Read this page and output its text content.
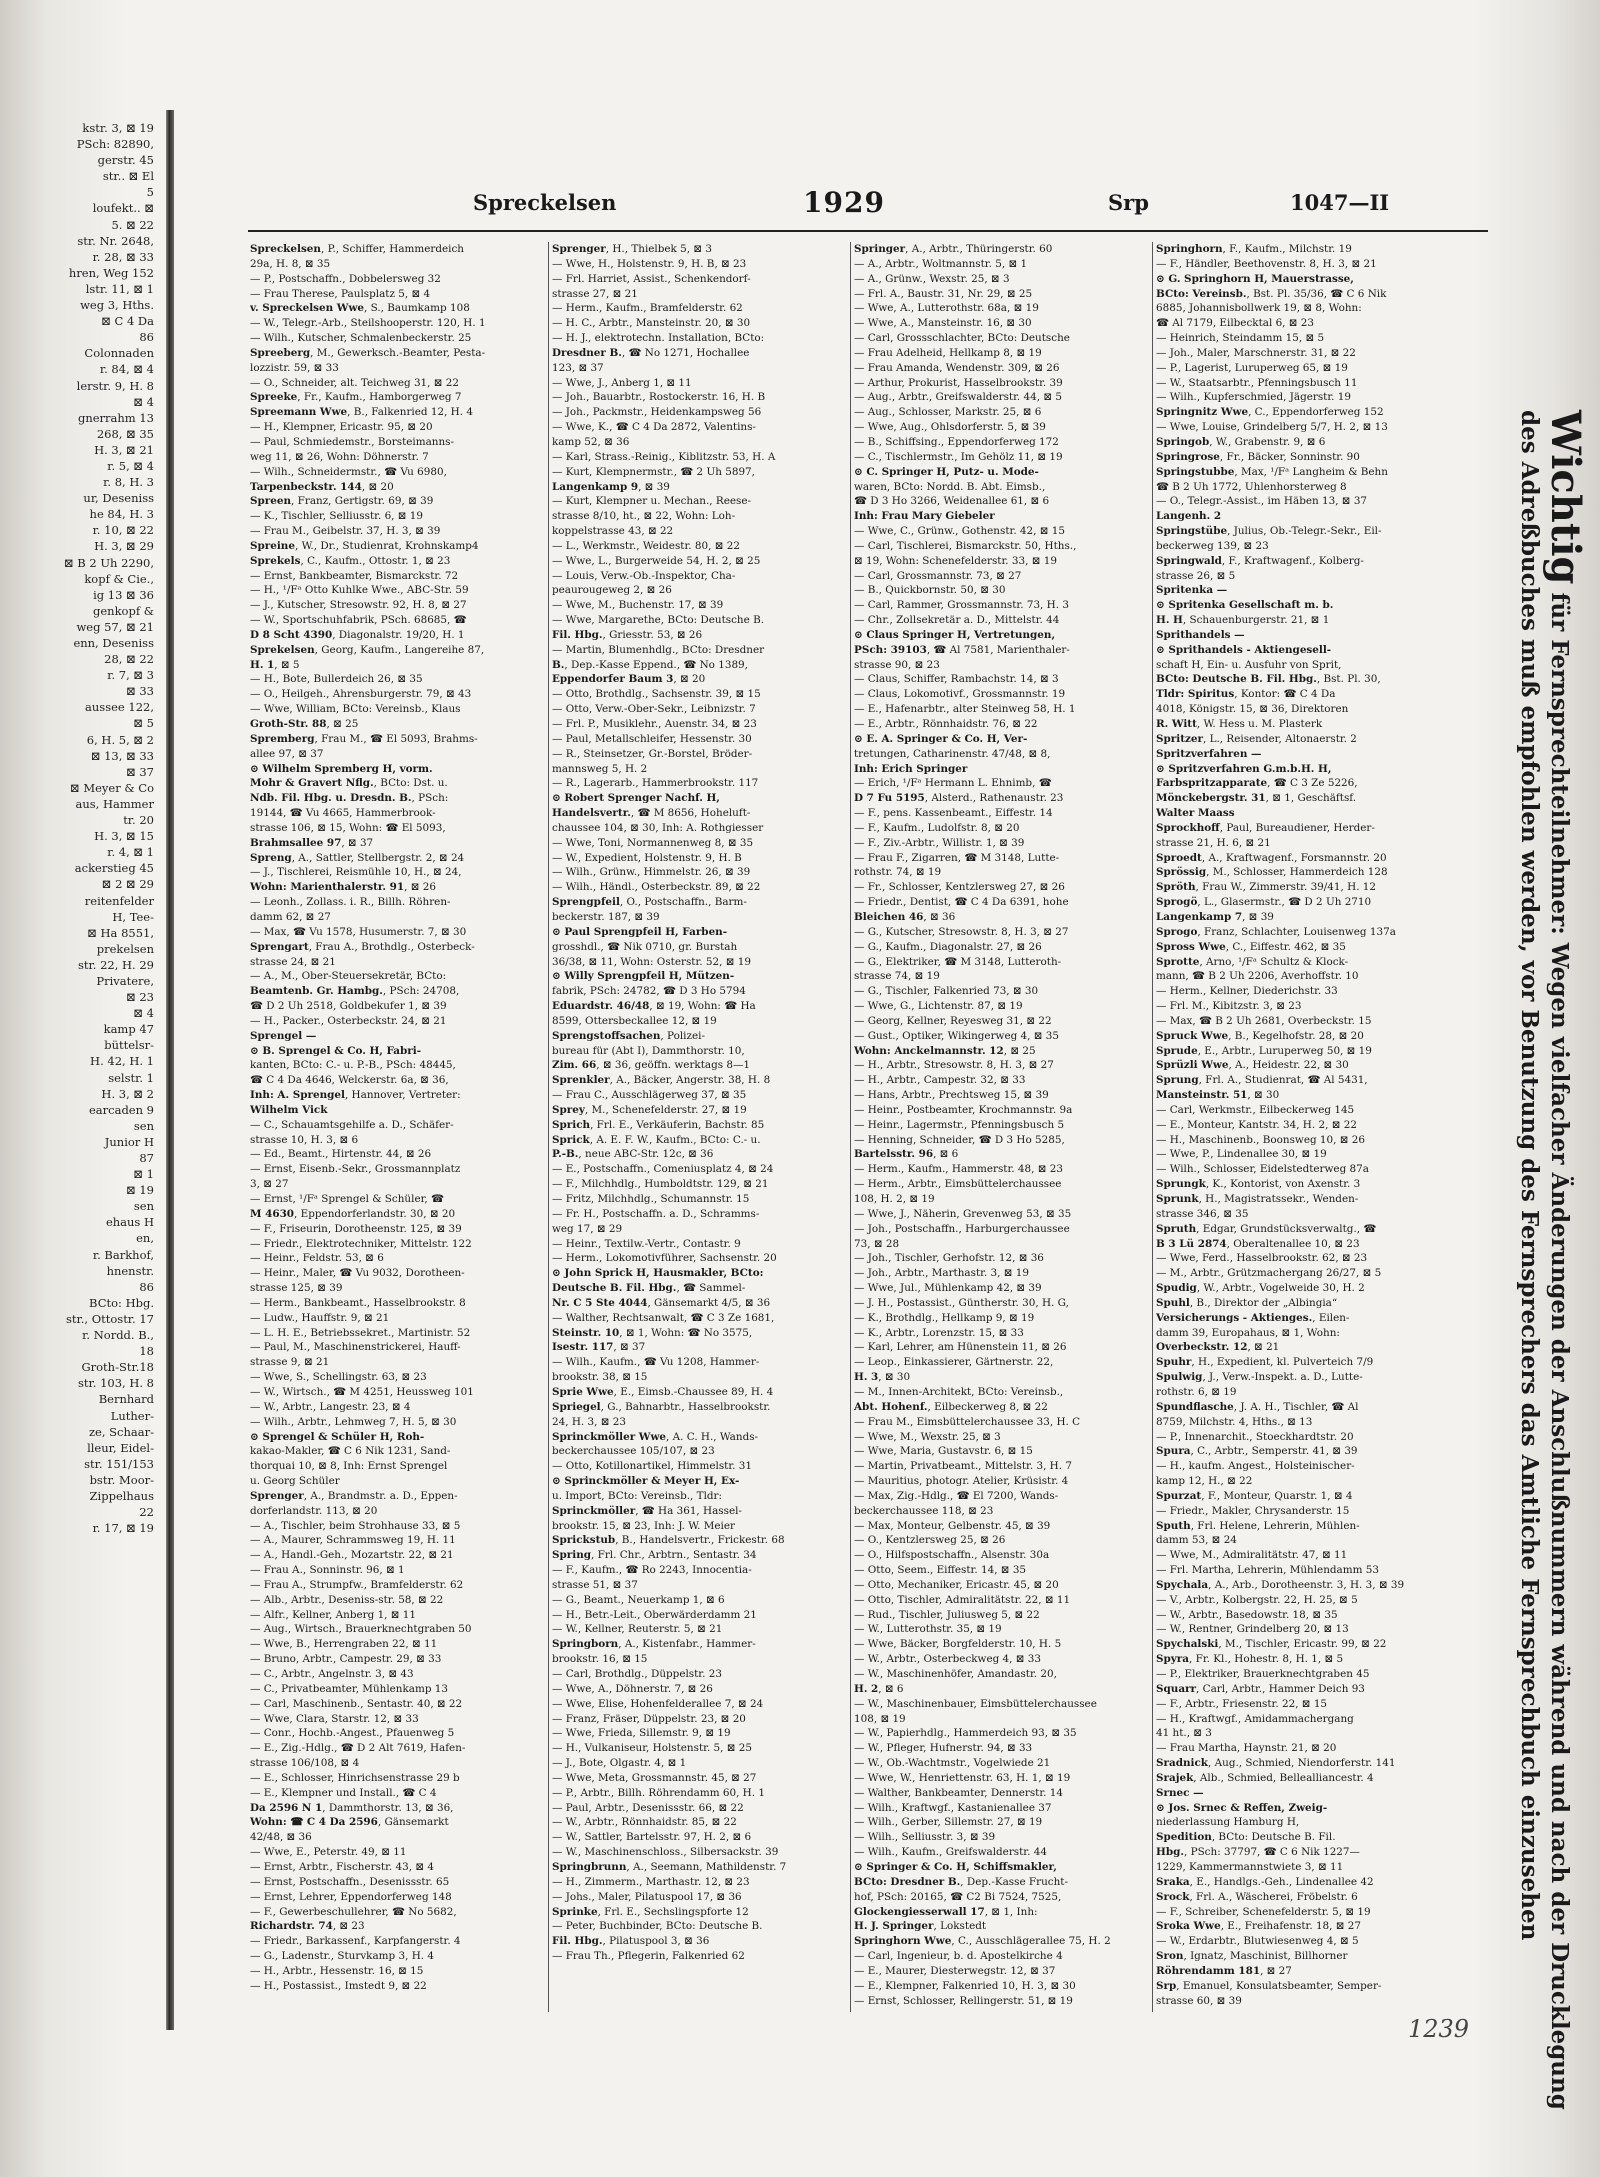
kstr. 3, ⊠ 19
PSch: 82890,
gerstr. 45
str.. ⊠ El
5
loufekt.. ⊠
5. ⊠ 22
str. Nr. 2648,
r. 28, ⊠ 33
hren, Weg 152
lstr. 11, ⊠ 1
weg 3, Hths.
⊠ C 4 Da
86
Colonnaden
r. 84, ⊠ 4
lerstr. 9, H. 8
⊠ 4
gnerrahm 13
268, ⊠ 35
H. 3, ⊠ 21
r. 5, ⊠ 4
r. 8, H. 3
ur, Deseniss
he 84, H. 3
r. 10, ⊠ 22
H. 3, ⊠ 29
⊠ B 2 Uh 2290,
kopf & Cie.,
ig 13 ⊠ 36
genkopf &
weg 57, ⊠ 21
enn, Deseniss
28, ⊠ 22
r. 7, ⊠ 3
⊠ 33
aussee 122,
⊠ 5
6, H. 5, ⊠ 2
⊠ 13, ⊠ 33
⊠ 37
⊠ Meyer & Co
aus, Hammer
tr. 20
H. 3, ⊠ 15
r. 4, ⊠ 1
ackerstieg 45
⊠ 2 ⊠ 29
reitenfelder
H, Tee-
⊠ Ha 8551,
prekelsen
str. 22, H. 29
Privatere,
⊠ 23
⊠ 4
kamp 47
büttelsr-
H. 42, H. 1
selstr. 1
H. 3, ⊠ 2
earcaden 9
sen
Junior H
87
⊠ 1
⊠ 19
sen
ehaus H
en,
r. Barkhof,
hnenstr.
86
BCto: Hbg.
str., Ottostr. 17
r. Nordd. B.,
18
Groth-Str.18
str. 103, H. 8
Bernhard
Luther-
ze, Schaar-
lleur, Eidel-
str. 151/153
bstr. Moor-
Zippelhaus
22
r. 17, ⊠ 19
Spreckelsen	1929	Srp	1047—II
Spreckelsen, P., Schiffer, Hammerdeich
29a, H. 8, ⊠ 35
— P., Postschaffn., Dobbelersweg 32
— Frau Therese, Paulsplatz 5, ⊠ 4
v. Spreckelsen Wwe, S., Baumkamp 108
— W., Telegr.-Arb., Steilshooperstr. 120, H. 1
— Wilh., Kutscher, Schmalenbeckerstr. 25
Spreeberg, M., Gewerksch.-Beamter, Pesta-
lozzistr. 59, ⊠ 33
— O., Schneider, alt. Teichweg 31, ⊠ 22
Spreeke, Fr., Kaufm., Hamborgerweg 7
Spreemann Wwe, B., Falkenried 12, H. 4
— H., Klempner, Ericastr. 95, ⊠ 20
— Paul, Schmiedemstr., Borsteimanns-
weg 11, ⊠ 26, Wohn: Döhnerstr. 7
— Wilh., Schneidermstr., ☎ Vu 6980,
Tarpenbeckstr. 144, ⊠ 20
Spreen, Franz, Gertigstr. 69, ⊠ 39
— K., Tischler, Selliusstr. 6, ⊠ 19
— Frau M., Geibelstr. 37, H. 3, ⊠ 39
Spreine, W., Dr., Studienrat, Krohnskamp4
Sprekels, C., Kaufm., Ottostr. 1, ⊠ 23
— Ernst, Bankbeamter, Bismarckstr. 72
— H., ¹/Fᵃ Otto Kuhlke Wwe., ABC-Str. 59
— J., Kutscher, Stresowstr. 92, H. 8, ⊠ 27
— W., Sportschuhfabrik, PSch. 68685, ☎
D 8 Scht 4390, Diagonalstr. 19/20, H. 1
Sprekelsen, Georg, Kaufm., Langereihe 87,
H. 1, ⊠ 5
— H., Bote, Bullerdeich 26, ⊠ 35
— O., Heilgeh., Ahrensburgerstr. 79, ⊠ 43
— Wwe, William, BCto: Vereinsb., Klaus
Groth-Str. 88, ⊠ 25
Spremberg, Frau M., ☎ El 5093, Brahms-
allee 97, ⊠ 37
⊙ Wilhelm Spremberg H, vorm.
Mohr & Gravert Nflg., BCto: Dst. u.
Ndb. Fil. Hbg. u. Dresdn. B., PSch:
19144, ☎ Vu 4665, Hammerbrook-
strasse 106, ⊠ 15, Wohn: ☎ El 5093,
Brahmsallee 97, ⊠ 37
Spreng, A., Sattler, Stellbergstr. 2, ⊠ 24
— J., Tischlerei, Reismühle 10, H., ⊠ 24,
Wohn: Marienthalerstr. 91, ⊠ 26
— Leonh., Zollass. i. R., Billh. Röhren-
damm 62, ⊠ 27
— Max, ☎ Vu 1578, Husumerstr. 7, ⊠ 30
Sprengart, Frau A., Brothdlg., Osterbeck-
strasse 24, ⊠ 21
— A., M., Ober-Steuersekretär, BCto:
Beamtenb. Gr. Hambg., PSch: 24708,
☎ D 2 Uh 2518, Goldbekufer 1, ⊠ 39
— H., Packer., Osterbeckstr. 24, ⊠ 21
Sprengel —
⊙ B. Sprengel & Co. H, Fabri-
kanten, BCto: C.- u. P.-B., PSch: 48445,
☎ C 4 Da 4646, Welckerstr. 6a, ⊠ 36,
Inh: A. Sprengel, Hannover, Vertreter:
Wilhelm Vick
— C., Schauamtsgehilfe a. D., Schäfer-
strasse 10, H. 3, ⊠ 6
— Ed., Beamt., Hirtenstr. 44, ⊠ 26
— Ernst, Eisenb.-Sekr., Grossmannplatz
3, ⊠ 27
— Ernst, ¹/Fᵃ Sprengel & Schüler, ☎
M 4630, Eppendorferlandstr. 30, ⊠ 20
— F., Friseurin, Dorotheenstr. 125, ⊠ 39
— Friedr., Elektrotechniker, Mittelstr. 122
— Heinr., Feldstr. 53, ⊠ 6
— Heinr., Maler, ☎ Vu 9032, Dorotheen-
strasse 125, ⊠ 39
— Herm., Bankbeamt., Hasselbrookstr. 8
— Ludw., Hauffstr. 9, ⊠ 21
— L. H. E., Betriebssekret., Martinistr. 52
— Paul, M., Maschinenstrickerei, Hauff-
strasse 9, ⊠ 21
— Wwe, S., Schellingstr. 63, ⊠ 23
— W., Wirtsch., ☎ M 4251, Heussweg 101
— W., Arbtr., Langestr. 23, ⊠ 4
— Wilh., Arbtr., Lehmweg 7, H. 5, ⊠ 30
⊙ Sprengel & Schüler H, Roh-
kakao-Makler, ☎ C 6 Nik 1231, Sand-
thorquai 10, ⊠ 8, Inh: Ernst Sprengel
u. Georg Schüler
Sprenger, A., Brandmstr. a. D., Eppen-
dorferlandstr. 113, ⊠ 20
— A., Tischler, beim Strohhause 33, ⊠ 5
— A., Maurer, Schrammsweg 19, H. 11
— A., Handl.-Geh., Mozartstr. 22, ⊠ 21
— Frau A., Sonninstr. 96, ⊠ 1
— Frau A., Strumpfw., Bramfelderstr. 62
— Alb., Arbtr., Deseniss-str. 58, ⊠ 22
— Alfr., Kellner, Anberg 1, ⊠ 11
— Aug., Wirtsch., Brauerknechtgraben 50
— Wwe, B., Herrengraben 22, ⊠ 11
— Bruno, Arbtr., Campestr. 29, ⊠ 33
— C., Arbtr., Angelnstr. 3, ⊠ 43
— C., Privatbeamter, Mühlenkamp 13
— Carl, Maschinenb., Sentastr. 40, ⊠ 22
— Wwe, Clara, Starstr. 12, ⊠ 33
— Conr., Hochb.-Angest., Pfauenweg 5
— E., Zig.-Hdlg., ☎ D 2 Alt 7619, Hafen-
strasse 106/108, ⊠ 4
— E., Schlosser, Hinrichsenstrasse 29 b
— E., Klempner und Install., ☎ C 4
Da 2596 N 1, Dammthorstr. 13, ⊠ 36,
Wohn: ☎ C 4 Da 2596, Gänsemarkt
42/48, ⊠ 36
— Wwe, E., Peterstr. 49, ⊠ 11
— Ernst, Arbtr., Fischerstr. 43, ⊠ 4
— Ernst, Postschaffn., Desenissstr. 65
— Ernst, Lehrer, Eppendorferweg 148
— F., Gewerbeschullehrer, ☎ No 5682,
Richardstr. 74, ⊠ 23
— Friedr., Barkassenf., Karpfangerstr. 4
— G., Ladenstr., Sturvkamp 3, H. 4
— H., Arbtr., Hessenstr. 16, ⊠ 15
— H., Postassist., Imstedt 9, ⊠ 22
Sprenger, H., Thielbek 5, ⊠ 3
— Wwe, H., Holstenstr. 9, H. B, ⊠ 23
— Frl. Harriet, Assist., Schenkendorf-
strasse 27, ⊠ 21
— Herm., Kaufm., Bramfelderstr. 62
— H. C., Arbtr., Mansteinstr. 20, ⊠ 30
— H. J., elektrotechn. Installation, BCto:
Dresdner B., ☎ No 1271, Hochallee
123, ⊠ 37
— Wwe, J., Anberg 1, ⊠ 11
— Joh., Bauarbtr., Rostockerstr. 16, H. B
— Joh., Packmstr., Heidenkampsweg 56
— Wwe, K., ☎ C 4 Da 2872, Valentins-
kamp 52, ⊠ 36
— Karl, Strass.-Reinig., Kiblitzstr. 53, H. A
— Kurt, Klempnermstr., ☎ 2 Uh 5897,
Langenkamp 9, ⊠ 39
— Kurt, Klempner u. Mechan., Reese-
strasse 8/10, ht., ⊠ 22, Wohn: Loh-
koppelstrasse 43, ⊠ 22
— L., Werkmstr., Weidestr. 80, ⊠ 22
— Wwe, L., Burgerweide 54, H. 2, ⊠ 25
— Louis, Verw.-Ob.-Inspektor, Cha-
peaurougeweg 2, ⊠ 26
— Wwe, M., Buchenstr. 17, ⊠ 39
— Wwe, Margarethe, BCto: Deutsche B.
Fil. Hbg., Griesstr. 53, ⊠ 26
— Martin, Blumenhdlg., BCto: Dresdner
B., Dep.-Kasse Eppend., ☎ No 1389,
Eppendorfer Baum 3, ⊠ 20
— Otto, Brothdlg., Sachsenstr. 39, ⊠ 15
— Otto, Verw.-Ober-Sekr., Leibnizstr. 7
— Frl. P., Musiklehr., Auenstr. 34, ⊠ 23
— Paul, Metallschleifer, Hessenstr. 30
— R., Steinsetzer, Gr.-Borstel, Bröder-
mannsweg 5, H. 2
— R., Lagerarb., Hammerbrookstr. 117
⊙ Robert Sprenger Nachf. H,
Handelsvertr., ☎ M 8656, Hoheluft-
chaussee 104, ⊠ 30, Inh: A. Rothgiesser
— Wwe, Toni, Normannenweg 8, ⊠ 35
— W., Expedient, Holstenstr. 9, H. B
— Wilh., Grünw., Himmelstr. 26, ⊠ 39
— Wilh., Händl., Osterbeckstr. 89, ⊠ 22
Sprengpfeil, O., Postschaffn., Barm-
beckerstr. 187, ⊠ 39
⊙ Paul Sprengpfeil H, Farben-
grosshdl., ☎ Nik 0710, gr. Burstah
36/38, ⊠ 11, Wohn: Osterstr. 52, ⊠ 19
⊙ Willy Sprengpfeil H, Mützen-
fabrik, PSch: 24782, ☎ D 3 Ho 5794
Eduardstr. 46/48, ⊠ 19, Wohn: ☎ Ha
8599, Ottersbeckallee 12, ⊠ 19
Sprengstoffsachen, Polizei-
bureau für (Abt I), Dammthorstr. 10,
Zim. 66, ⊠ 36, geöffn. werktags 8—1
Sprenkler, A., Bäcker, Angerstr. 38, H. 8
— Frau C., Ausschlägerweg 37, ⊠ 35
Sprey, M., Schenefelderstr. 27, ⊠ 19
Sprich, Frl. E., Verkäuferin, Bachstr. 85
Sprick, A. E. F. W., Kaufm., BCto: C.- u.
P.-B., neue ABC-Str. 12c, ⊠ 36
— E., Postschaffn., Comeniusplatz 4, ⊠ 24
— F., Milchhdlg., Humboldtstr. 129, ⊠ 21
— Fritz, Milchhdlg., Schumannstr. 15
— Fr. H., Postschaffn. a. D., Schramms-
weg 17, ⊠ 29
— Heinr., Textilw.-Vertr., Contastr. 9
— Herm., Lokomotivführer, Sachsenstr. 20
⊙ John Sprick H, Hausmakler, BCto:
Deutsche B. Fil. Hbg., ☎ Sammel-
Nr. C 5 Ste 4044, Gänsemarkt 4/5, ⊠ 36
— Walther, Rechtsanwalt, ☎ C 3 Ze 1681,
Steinstr. 10, ⊠ 1, Wohn: ☎ No 3575,
Isestr. 117, ⊠ 37
— Wilh., Kaufm., ☎ Vu 1208, Hammer-
brookstr. 38, ⊠ 15
Sprie Wwe, E., Eimsb.-Chaussee 89, H. 4
Spriegel, G., Bahnarbtr., Hasselbrookstr.
24, H. 3, ⊠ 23
Sprinckmöller Wwe, A. C. H., Wands-
beckerchaussee 105/107, ⊠ 23
— Otto, Kotillonartikel, Himmelstr. 31
⊙ Sprinckmöller & Meyer H, Ex-
u. Import, BCto: Vereinsb., Tldr:
Sprinckmöller, ☎ Ha 361, Hassel-
brookstr. 15, ⊠ 23, Inh: J. W. Meier
Sprickstub, B., Handelsvertr., Frickestr. 68
Spring, Frl. Chr., Arbtrn., Sentastr. 34
— F., Kaufm., ☎ Ro 2243, Innocentia-
strasse 51, ⊠ 37
— G., Beamt., Neuerkamp 1, ⊠ 6
— H., Betr.-Leit., Oberwärderdamm 21
— W., Kellner, Reuterstr. 5, ⊠ 21
Springborn, A., Kistenfabr., Hammer-
brookstr. 16, ⊠ 15
— Carl, Brothdlg., Düppelstr. 23
— Wwe, A., Döhnerstr. 7, ⊠ 26
— Wwe, Elise, Hohenfelderallee 7, ⊠ 24
— Franz, Fräser, Düppelstr. 23, ⊠ 20
— Wwe, Frieda, Sillemstr. 9, ⊠ 19
— H., Vulkaniseur, Holstenstr. 5, ⊠ 25
— J., Bote, Olgastr. 4, ⊠ 1
— Wwe, Meta, Grossmannstr. 45, ⊠ 27
— P., Arbtr., Billh. Röhrendamm 60, H. 1
— Paul, Arbtr., Desenissstr. 66, ⊠ 22
— W., Arbtr., Rönnhaidstr. 85, ⊠ 22
— W., Sattler, Bartelsstr. 97, H. 2, ⊠ 6
— W., Maschinenschloss., Silbersackstr. 39
Springbrunn, A., Seemann, Mathildenstr. 7
— H., Zimmerm., Marthastr. 12, ⊠ 23
— Johs., Maler, Pilatuspool 17, ⊠ 36
Sprinke, Frl. E., Sechslingspforte 12
— Peter, Buchbinder, BCto: Deutsche B.
Fil. Hbg., Pilatuspool 3, ⊠ 36
— Frau Th., Pflegerin, Falkenried 62
Springer, A., Arbtr., Thüringerstr. 60
— A., Arbtr., Woltmannstr. 5, ⊠ 1
— A., Grünw., Wexstr. 25, ⊠ 3
— Frl. A., Baustr. 31, Nr. 29, ⊠ 25
— Wwe, A., Lutterothstr. 68a, ⊠ 19
— Wwe, A., Mansteinstr. 16, ⊠ 30
— Carl, Grossschlachter, BCto: Deutsche
— Frau Adelheid, Hellkamp 8, ⊠ 19
— Frau Amanda, Wendenstr. 309, ⊠ 26
— Arthur, Prokurist, Hasselbrookstr. 39
— Aug., Arbtr., Greifswalderstr. 44, ⊠ 5
— Aug., Schlosser, Markstr. 25, ⊠ 6
— Wwe, Aug., Ohlsdorferstr. 5, ⊠ 39
— B., Schiffsing., Eppendorferweg 172
— C., Tischlermstr., Im Gehölz 11, ⊠ 19
⊙ C. Springer H, Putz- u. Mode-
waren, BCto: Nordd. B. Abt. Eimsb.,
☎ D 3 Ho 3266, Weidenallee 61, ⊠ 6
Inh: Frau Mary Giebeler
— Wwe, C., Grünw., Gothenstr. 42, ⊠ 15
— Carl, Tischlerei, Bismarckstr. 50, Hths.,
⊠ 19, Wohn: Schenefelderstr. 33, ⊠ 19
— Carl, Grossmannstr. 73, ⊠ 27
— B., Quickbornstr. 50, ⊠ 30
— Carl, Rammer, Grossmannstr. 73, H. 3
— Chr., Zollsekretär a. D., Mittelstr. 44
⊙ Claus Springer H, Vertretungen,
PSch: 39103, ☎ Al 7581, Marienthaler-
strasse 90, ⊠ 23
— Claus, Schiffer, Rambachstr. 14, ⊠ 3
— Claus, Lokomotivf., Grossmannstr. 19
— E., Hafenarbtr., alter Steinweg 58, H. 1
— E., Arbtr., Rönnhaidstr. 76, ⊠ 22
⊙ E. A. Springer & Co. H, Ver-
tretungen, Catharinenstr. 47/48, ⊠ 8,
Inh: Erich Springer
— Erich, ¹/Fᵃ Hermann L. Ehnimb, ☎
D 7 Fu 5195, Alsterd., Rathenaustr. 23
— F., pens. Kassenbeamt., Eiffestr. 14
— F., Kaufm., Ludolfstr. 8, ⊠ 20
— F., Ziv.-Arbtr., Willistr. 1, ⊠ 39
— Frau F., Zigarren, ☎ M 3148, Lutte-
rothstr. 74, ⊠ 19
— Fr., Schlosser, Kentzlersweg 27, ⊠ 26
— Friedr., Dentist, ☎ C 4 Da 6391, hohe
Bleichen 46, ⊠ 36
— G., Kutscher, Stresowstr. 8, H. 3, ⊠ 27
— G., Kaufm., Diagonalstr. 27, ⊠ 26
— G., Elektriker, ☎ M 3148, Lutteroth-
strasse 74, ⊠ 19
— G., Tischler, Falkenried 73, ⊠ 30
— Wwe, G., Lichtenstr. 87, ⊠ 19
— Georg, Kellner, Reyesweg 31, ⊠ 22
— Gust., Optiker, Wikingerweg 4, ⊠ 35
Wohn: Anckelmannstr. 12, ⊠ 25
— H., Arbtr., Stresowstr. 8, H. 3, ⊠ 27
— H., Arbtr., Campestr. 32, ⊠ 33
— Hans, Arbtr., Prechtsweg 15, ⊠ 39
— Heinr., Postbeamter, Krochmannstr. 9a
— Heinr., Lagermstr., Pfenningsbusch 5
— Henning, Schneider, ☎ D 3 Ho 5285,
Bartelsstr. 96, ⊠ 6
— Herm., Kaufm., Hammerstr. 48, ⊠ 23
— Herm., Arbtr., Eimsbüttelerchaussee
108, H. 2, ⊠ 19
— Wwe, J., Näherin, Grevenweg 53, ⊠ 35
— Joh., Postschaffn., Harburgerchaussee
73, ⊠ 28
— Joh., Tischler, Gerhofstr. 12, ⊠ 36
— Joh., Arbtr., Marthastr. 3, ⊠ 19
— Wwe, Jul., Mühlenkamp 42, ⊠ 39
— J. H., Postassist., Güntherstr. 30, H. G,
— K., Brothdlg., Hellkamp 9, ⊠ 19
— K., Arbtr., Lorenzstr. 15, ⊠ 33
— Karl, Lehrer, am Hünenstein 11, ⊠ 26
— Leop., Einkassierer, Gärtnerstr. 22,
H. 3, ⊠ 30
— M., Innen-Architekt, BCto: Vereinsb.,
Abt. Hohenf., Eilbeckerweg 8, ⊠ 22
— Frau M., Eimsbüttelerchaussee 33, H. C
— Wwe, M., Wexstr. 25, ⊠ 3
— Wwe, Maria, Gustavstr. 6, ⊠ 15
— Martin, Privatbeamt., Mittelstr. 3, H. 7
— Mauritius, photogr. Atelier, Krüsistr. 4
— Max, Zig.-Hdlg., ☎ El 7200, Wands-
beckerchaussee 118, ⊠ 23
— Max, Monteur, Gelbenstr. 45, ⊠ 39
— O., Kentzlersweg 25, ⊠ 26
— O., Hilfspostschaffn., Alsenstr. 30a
— Otto, Seem., Eiffestr. 14, ⊠ 35
— Otto, Mechaniker, Ericastr. 45, ⊠ 20
— Otto, Tischler, Admiralitätstr. 22, ⊠ 11
— Rud., Tischler, Juliusweg 5, ⊠ 22
— W., Lutterothstr. 35, ⊠ 19
— Wwe, Bäcker, Borgfelderstr. 10, H. 5
— W., Arbtr., Osterbeckweg 4, ⊠ 33
— W., Maschinenhöfer, Amandastr. 20,
H. 2, ⊠ 6
— W., Maschinenbauer, Eimsbüttelerchaussee
108, ⊠ 19
— W., Papierhdlg., Hammerdeich 93, ⊠ 35
— W., Pfleger, Hufnerstr. 94, ⊠ 33
— W., Ob.-Wachtmstr., Vogelwiede 21
— Wwe, W., Henriettenstr. 63, H. 1, ⊠ 19
— Walther, Bankbeamter, Dennerstr. 14
— Wilh., Kraftwgf., Kastanienallee 37
— Wilh., Gerber, Sillemstr. 27, ⊠ 19
— Wilh., Selliusstr. 3, ⊠ 39
— Wilh., Kaufm., Greifswalderstr. 44
⊙ Springer & Co. H, Schiffsmakler,
BCto: Dresdner B., Dep.-Kasse Frucht-
hof, PSch: 20165, ☎ C2 Bi 7524, 7525,
Glockengiesserwall 17, ⊠ 1, Inh:
H. J. Springer, Lokstedt
Springhorn Wwe, C., Ausschlägerallee 75, H. 2
— Carl, Ingenieur, b. d. Apostelkirche 4
— E., Maurer, Diesterwegstr. 12, ⊠ 37
— E., Klempner, Falkenried 10, H. 3, ⊠ 30
— Ernst, Schlosser, Rellingerstr. 51, ⊠ 19
Springhorn, F., Kaufm., Milchstr. 19
— F., Händler, Beethovenstr. 8, H. 3, ⊠ 21
⊙ G. Springhorn H, Mauerstrasse,
BCto: Vereinsb., Bst. Pl. 35/36, ☎ C 6 Nik
6885, Johannisbollwerk 19, ⊠ 8, Wohn:
☎ Al 7179, Eilbecktal 6, ⊠ 23
— Heinrich, Steindamm 15, ⊠ 5
— Joh., Maler, Marschnerstr. 31, ⊠ 22
— P., Lagerist, Luruperweg 65, ⊠ 19
— W., Staatsarbtr., Pfenningsbusch 11
— Wilh., Kupferschmied, Jägerstr. 19
Springnitz Wwe, C., Eppendorferweg 152
— Wwe, Louise, Grindelberg 5/7, H. 2, ⊠ 13
Springob, W., Grabenstr. 9, ⊠ 6
Springrose, Fr., Bäcker, Sonninstr. 90
Springstubbe, Max, ¹/Fᵃ Langheim & Behn
☎ B 2 Uh 1772, Uhlenhorsterweg 8
— O., Telegr.-Assist., im Häben 13, ⊠ 37
Langenh. 2
Springstübe, Julius, Ob.-Telegr.-Sekr., Eil-
beckerweg 139, ⊠ 23
Springwald, F., Kraftwagenf., Kolberg-
strasse 26, ⊠ 5
Spritenka —
⊙ Spritenka Gesellschaft m. b.
H. H, Schauenburgerstr. 21, ⊠ 1
Sprithandels —
⊙ Sprithandels - Aktiengesell-
schaft H, Ein- u. Ausfuhr von Sprit,
BCto: Deutsche B. Fil. Hbg., Bst. Pl. 30,
Tldr: Spiritus, Kontor: ☎ C 4 Da
4018, Königstr. 15, ⊠ 36, Direktoren
R. Witt, W. Hess u. M. Plasterk
Spritzer, L., Reisender, Altonaerstr. 2
Spritzverfahren —
⊙ Spritzverfahren G.m.b.H. H,
Farbspritzapparate, ☎ C 3 Ze 5226,
Mönckebergstr. 31, ⊠ 1, Geschäftsf.
Walter Maass
Sprockhoff, Paul, Bureaudiener, Herder-
strasse 21, H. 6, ⊠ 21
Sproedt, A., Kraftwagenf., Forsmannstr. 20
Sprössig, M., Schlosser, Hammerdeich 128
Spröth, Frau W., Zimmerstr. 39/41, H. 12
Sprogö, L., Glasermstr., ☎ D 2 Uh 2710
Langenkamp 7, ⊠ 39
Sprogo, Franz, Schlachter, Louisenweg 137a
Spross Wwe, C., Eiffestr. 462, ⊠ 35
Sprotte, Arno, ¹/Fᵃ Schultz & Klock-
mann, ☎ B 2 Uh 2206, Averhoffstr. 10
— Herm., Kellner, Diederichstr. 33
— Frl. M., Kibitzstr. 3, ⊠ 23
— Max, ☎ B 2 Uh 2681, Overbeckstr. 15
Spruck Wwe, B., Kegelhofstr. 28, ⊠ 20
Sprude, E., Arbtr., Luruperweg 50, ⊠ 19
Sprüzli Wwe, A., Heidestr. 22, ⊠ 30
Sprung, Frl. A., Studienrat, ☎ Al 5431,
Mansteinstr. 51, ⊠ 30
— Carl, Werkmstr., Eilbeckerweg 145
— E., Monteur, Kantstr. 34, H. 2, ⊠ 22
— H., Maschinenb., Boonsweg 10, ⊠ 26
— Wwe, P., Lindenallee 30, ⊠ 19
— Wilh., Schlosser, Eidelstedterweg 87a
Sprungk, K., Kontorist, von Axenstr. 3
Sprunk, H., Magistratssekr., Wenden-
strasse 346, ⊠ 35
Spruth, Edgar, Grundstücksverwaltg., ☎
B 3 Lü 2874, Oberaltenallee 10, ⊠ 23
— Wwe, Ferd., Hasselbrookstr. 62, ⊠ 23
— M., Arbtr., Grützmachergang 26/27, ⊠ 5
Spudig, W., Arbtr., Vogelweide 30, H. 2
Spuhl, B., Direktor der „Albingia“
Versicherungs - Aktienges., Eilen-
damm 39, Europahaus, ⊠ 1, Wohn:
Overbeckstr. 12, ⊠ 21
Spuhr, H., Expedient, kl. Pulverteich 7/9
Spulwig, J., Verw.-Inspekt. a. D., Lutte-
rothstr. 6, ⊠ 19
Spundflasche, J. A. H., Tischler, ☎ Al
8759, Milchstr. 4, Hths., ⊠ 13
— P., Innenarchit., Stoeckhardtstr. 20
Spura, C., Arbtr., Semperstr. 41, ⊠ 39
— H., kaufm. Angest., Holsteinischer-
kamp 12, H., ⊠ 22
Spurzat, F., Monteur, Quarstr. 1, ⊠ 4
— Friedr., Makler, Chrysanderstr. 15
Sputh, Frl. Helene, Lehrerin, Mühlen-
damm 53, ⊠ 24
— Wwe, M., Admiralitätstr. 47, ⊠ 11
— Frl. Martha, Lehrerin, Mühlendamm 53
Spychala, A., Arb., Dorotheenstr. 3, H. 3, ⊠ 39
— V., Arbtr., Kolbergstr. 22, H. 25, ⊠ 5
— W., Arbtr., Basedowstr. 18, ⊠ 35
— W., Rentner, Grindelberg 20, ⊠ 13
Spychalski, M., Tischler, Ericastr. 99, ⊠ 22
Spyra, Fr. Kl., Hohestr. 8, H. 1, ⊠ 5
— P., Elektriker, Brauerknechtgraben 45
Squarr, Carl, Arbtr., Hammer Deich 93
— F., Arbtr., Friesenstr. 22, ⊠ 15
— H., Kraftwgf., Amidammachergang
41 ht., ⊠ 3
— Frau Martha, Haynstr. 21, ⊠ 20
Sradnick, Aug., Schmied, Niendorferstr. 141
Srajek, Alb., Schmied, Bellealliancestr. 4
Srnec —
⊙ Jos. Srnec & Reffen, Zweig-
niederlassung Hamburg H,
Spedition, BCto: Deutsche B. Fil.
Hbg., PSch: 37797, ☎ C 6 Nik 1227—
1229, Kammermannstwiete 3, ⊠ 11
Sraka, E., Handlgs.-Geh., Lindenallee 42
Srock, Frl. A., Wäscherei, Fröbelstr. 6
— F., Schreiber, Schenefelderstr. 5, ⊠ 19
Sroka Wwe, E., Freihafenstr. 18, ⊠ 27
— W., Erdarbtr., Blutwiesenweg 4, ⊠ 5
Sron, Ignatz, Maschinist, Billhorner
Röhrendamm 181, ⊠ 27
Srp, Emanuel, Konsulatsbeamter, Semper-
strasse 60, ⊠ 39
Wichtig für Fernsprechteilnehmer: Wegen vielfacher Änderungen der Anschlußnummern während und nach der Drucklegung
des Adreßbuches muß empfohlen werden, vor Benutzung des Fernsprechers das Amtliche Fernsprechbuch einzusehen
1239
